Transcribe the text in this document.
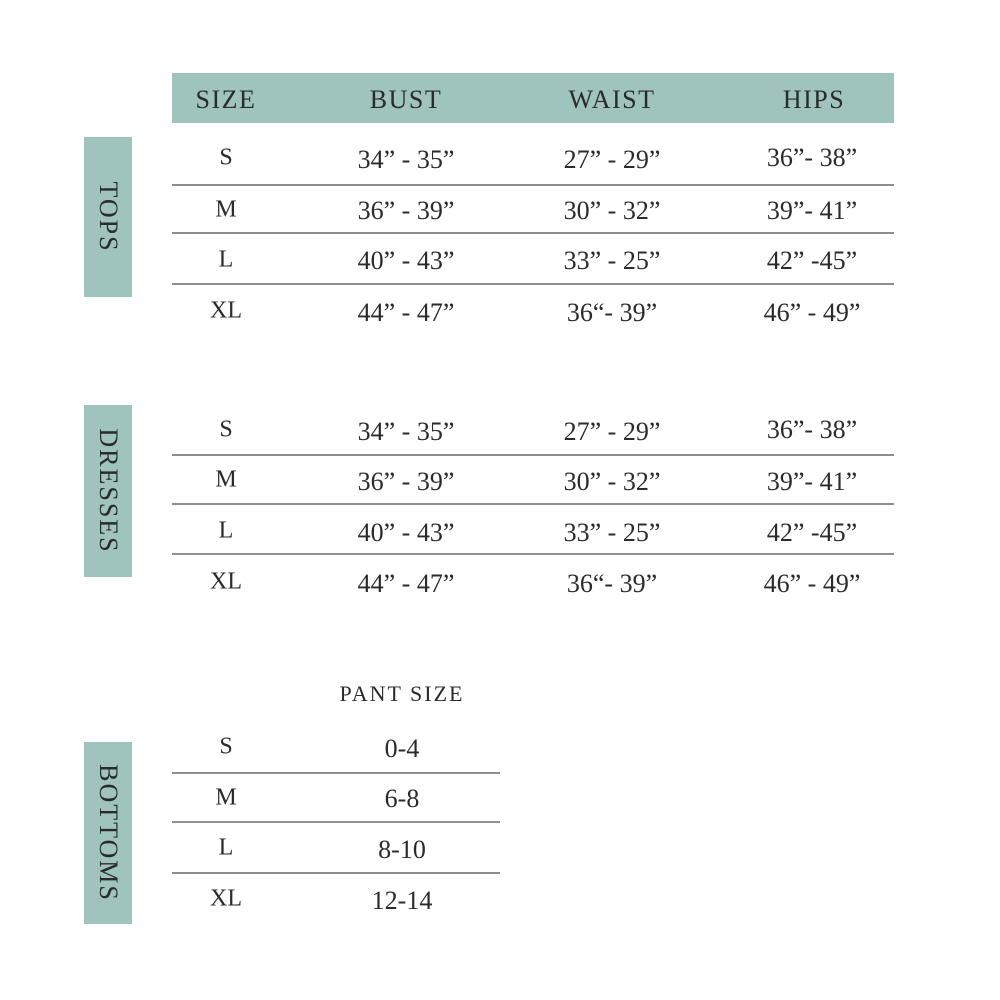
SIZE	BUST	WAIST	HIPS
TOPS
S	34” - 35”	27” - 29”	36”- 38”
M	36” - 39”	30” - 32”	39”- 41”
L	40” - 43”	33” - 25”	42” -45”
XL	44” - 47”	36“- 39”	46” - 49”
DRESSES	S	34” - 35”	27” - 29”	36”- 38”
M	36” - 39”	30” - 32”	39”- 41”
L	40” - 43”	33” - 25”	42” -45”
XL	44” - 47”	36“- 39”	46” - 49”
PANT SIZE
BOTTOMS
S	0-4
M	6-8
L	8-10
XL	12-14
